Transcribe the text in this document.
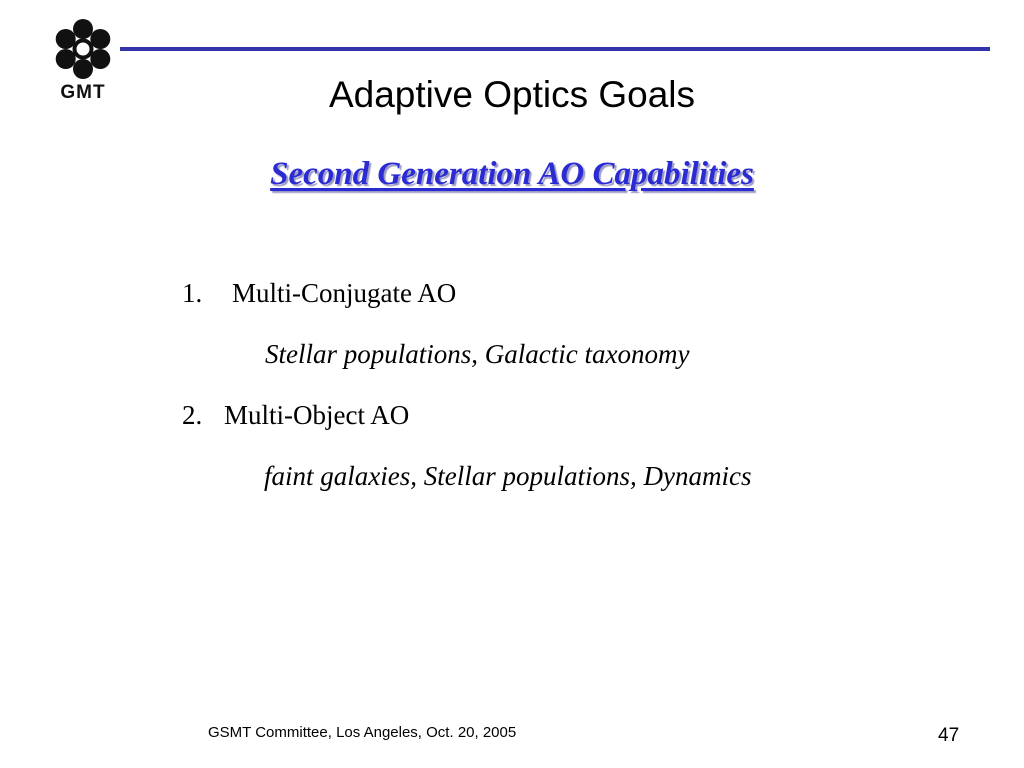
GMT	Adaptive Optics Goals
Second Generation AO Capabilities
1. Multi-Conjugate AO
Stellar populations, Galactic taxonomy
2. Multi-Object AO
faint galaxies, Stellar populations, Dynamics
GSMT Committee, Los Angeles, Oct. 20, 2005	47
